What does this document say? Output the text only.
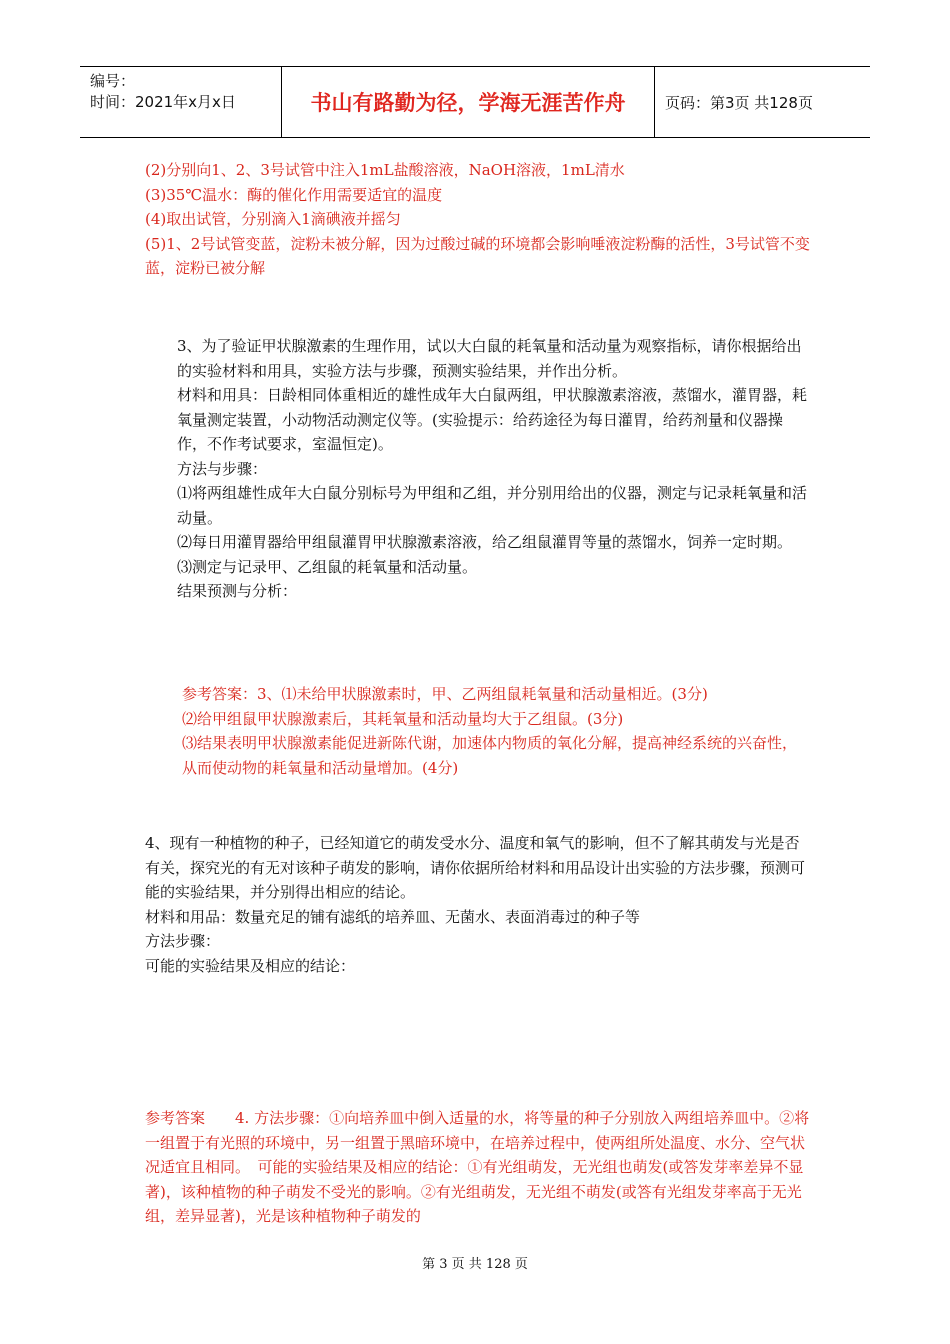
编号：
时间：2021年x月x日	书山有路勤为径，学海无涯苦作舟	页码：第3页 共128页

(2)分别向1、2、3号试管中注入1mL盐酸溶液，NaOH溶液，1mL清水

(3)35℃温水：酶的催化作用需要适宜的温度

(4)取出试管，分别滴入1滴碘液并摇匀

(5)1、2号试管变蓝，淀粉未被分解，因为过酸过碱的环境都会影响唾液淀粉酶的活性，3号试管不变蓝，淀粉已被分解

3、为了验证甲状腺激素的生理作用，试以大白鼠的耗氧量和活动量为观察指标，请你根据给出的实验材料和用具，实验方法与步骤，预测实验结果，并作出分析。

材料和用具：日龄相同体重相近的雄性成年大白鼠两组，甲状腺激素溶液，蒸馏水，灌胃器，耗氧量测定装置，小动物活动测定仪等。(实验提示：给药途径为每日灌胃，给药剂量和仪器操作，不作考试要求，室温恒定)。

方法与步骤：

⑴将两组雄性成年大白鼠分别标号为甲组和乙组，并分别用给出的仪器，测定与记录耗氧量和活动量。

⑵每日用灌胃器给甲组鼠灌胃甲状腺激素溶液，给乙组鼠灌胃等量的蒸馏水，饲养一定时期。

⑶测定与记录甲、乙组鼠的耗氧量和活动量。

结果预测与分析：

参考答案：3、⑴未给甲状腺激素时，甲、乙两组鼠耗氧量和活动量相近。(3分)

⑵给甲组鼠甲状腺激素后，其耗氧量和活动量均大于乙组鼠。(3分)

⑶结果表明甲状腺激素能促进新陈代谢，加速体内物质的氧化分解，提高神经系统的兴奋性，从而使动物的耗氧量和活动量增加。(4分)

4、现有一种植物的种子，已经知道它的萌发受水分、温度和氧气的影响，但不了解其萌发与光是否有关，探究光的有无对该种子萌发的影响，请你依据所给材料和用品设计出实验的方法步骤，预测可能的实验结果，并分别得出相应的结论。

材料和用品：数量充足的铺有滤纸的培养皿、无菌水、表面消毒过的种子等

方法步骤：

可能的实验结果及相应的结论：

参考答案　　4. 方法步骤：①向培养皿中倒入适量的水，将等量的种子分别放入两组培养皿中。②将一组置于有光照的环境中，另一组置于黑暗环境中，在培养过程中，使两组所处温度、水分、空气状况适宜且相同。　可能的实验结果及相应的结论：①有光组萌发，无光组也萌发(或答发芽率差异不显著)，该种植物的种子萌发不受光的影响。②有光组萌发，无光组不萌发(或答有光组发芽率高于无光组，差异显著)，光是该种植物种子萌发的

第 3 页 共 128 页
